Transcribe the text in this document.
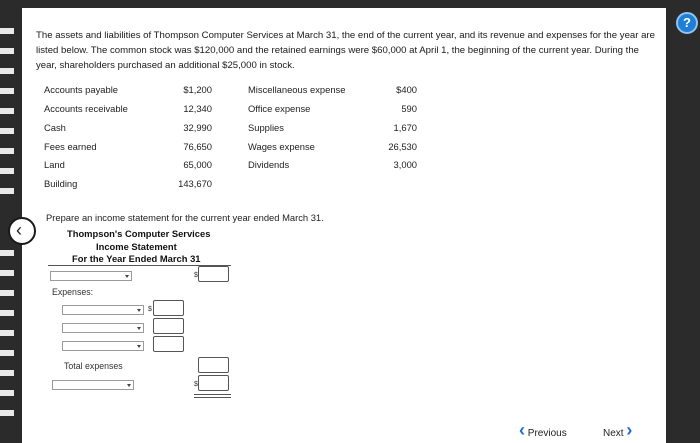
The assets and liabilities of Thompson Computer Services at March 31, the end of the current year, and its revenue and expenses for the year are listed below. The common stock was $120,000 and the retained earnings were $60,000 at April 1, the beginning of the current year. During the year, shareholders purchased an additional $25,000 in stock.
Accounts payable	$1,200
Accounts receivable	12,340
Cash	32,990
Fees earned	76,650
Land	65,000
Building	143,670
Miscellaneous expense	$400
Office expense	590
Supplies	1,670
Wages expense	26,530
Dividends	3,000
Prepare an income statement for the current year ended March 31.
Thompson's Computer Services
Income Statement
For the Year Ended March 31
$
Expenses:
$
Total expenses
$
‹ Previous	Next ›
?
‹
